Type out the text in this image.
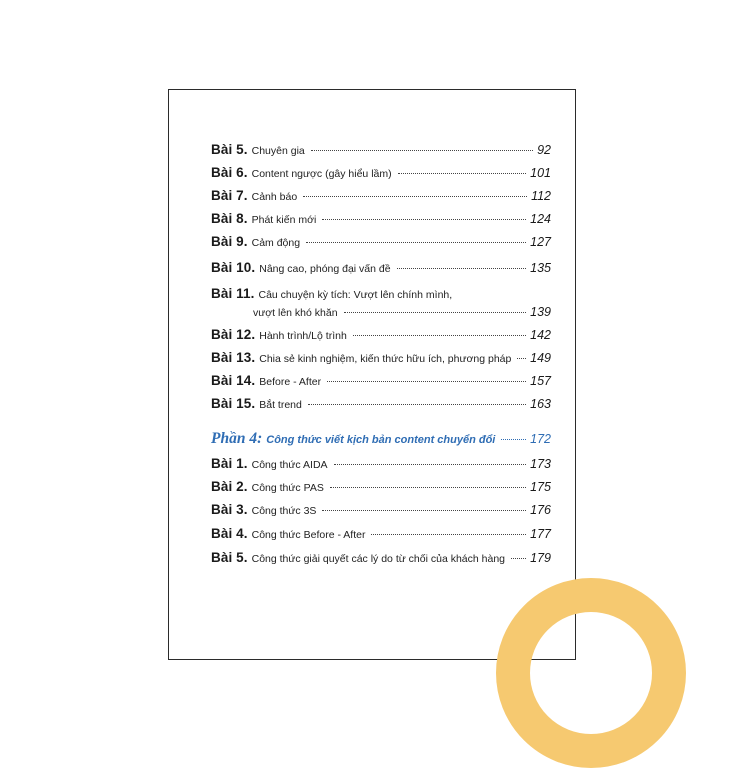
Bài 5. Chuyên gia	92
Bài 6. Content ngược (gây hiểu lầm)	101
Bài 7. Cảnh báo	112
Bài 8. Phát kiến mới	124
Bài 9. Cảm động	127
Bài 10. Nâng cao, phóng đại vấn đề	135
Bài 11. Câu chuyện kỳ tích: Vượt lên chính mình,
vượt lên khó khăn	139
Bài 12. Hành trình/Lộ trình	142
Bài 13. Chia sẻ kinh nghiệm, kiến thức hữu ích, phương pháp 149
Bài 14. Before - After	157
Bài 15. Bắt trend	163
Phần 4: Công thức viết kịch bản content chuyển đổi	172
Bài 1. Công thức AIDA	173
Bài 2. Công thức PAS	175
Bài 3. Công thức 3S	176
Bài 4. Công thức Before - After	177
Bài 5. Công thức giải quyết các lý do từ chối của khách hàng 179
